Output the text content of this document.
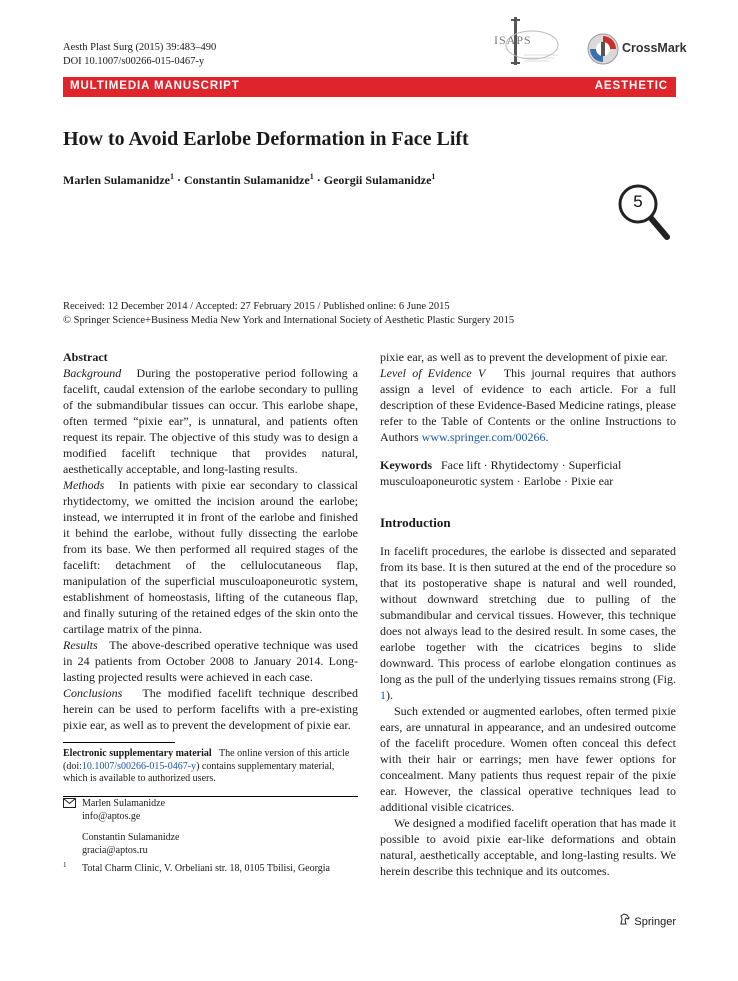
Aesth Plast Surg (2015) 39:483–490
DOI 10.1007/s00266-015-0467-y
ISAPS
CrossMark
MULTIMEDIA MANUSCRIPT	AESTHETIC
How to Avoid Earlobe Deformation in Face Lift
Marlen Sulamanidze$^1$ · Constantin Sulamanidze$^1$ · Georgii Sulamanidze$^1$
5
Received: 12 December 2014 / Accepted: 27 February 2015 / Published online: 6 June 2015
© Springer Science+Business Media New York and International Society of Aesthetic Plastic Surgery 2015

Abstract

Background During the postoperative period following a facelift, caudal extension of the earlobe secondary to pulling of the submandibular tissues can occur. This earlobe shape, often termed “pixie ear”, is unnatural, and patients often request its repair. The objective of this study was to design a modified facelift technique that provides natural, aesthetically acceptable, and long-lasting results.

Methods In patients with pixie ear secondary to classical rhytidectomy, we omitted the incision around the earlobe; instead, we interrupted it in front of the earlobe and finished it behind the earlobe, without fully dissecting the earlobe from its base. We then performed all required stages of the facelift: detachment of the cellulocutaneous flap, manipulation of the superficial musculoaponeurotic system, establishment of homeostasis, lifting of the cutaneous flap, and finally suturing of the retained edges of the skin onto the cartilage matrix of the pinna.

Results The above-described operative technique was used in 24 patients from October 2008 to January 2014. Long-lasting projected results were achieved in each case.

Conclusions The modified facelift technique described herein can be used to perform facelifts with a pre-existing pixie ear, as well as to prevent the development of pixie ear.

Electronic supplementary material The online version of this article (doi:10.1007/s00266-015-0467-y) contains supplementary material, which is available to authorized users.
Marlen Sulamanidze
info@aptos.ge
Constantin Sulamanidze
gracia@aptos.ru
1 Total Charm Clinic, V. Orbeliani str. 18, 0105 Tbilisi, Georgia

pixie ear, as well as to prevent the development of pixie ear.

Level of Evidence V This journal requires that authors assign a level of evidence to each article. For a full description of these Evidence-Based Medicine ratings, please refer to the Table of Contents or the online Instructions to Authors www.springer.com/00266.

Keywords Face lift · Rhytidectomy · Superficial musculoaponeurotic system · Earlobe · Pixie ear

Introduction

In facelift procedures, the earlobe is dissected and separated from its base. It is then sutured at the end of the procedure so that its postoperative shape is natural and well rounded, without downward stretching due to pulling of the submandibular and cervical tissues. However, this technique does not always lead to the desired result. In some cases, the earlobe together with the cicatrices begins to slide downward. This process of earlobe elongation continues as long as the pull of the underlying tissues remains strong (Fig. 1).

Such extended or augmented earlobes, often termed pixie ears, are unnatural in appearance, and an undesired outcome of the facelift procedure. Women often conceal this defect with their hair or earrings; men have fewer options for concealment. Many patients thus request repair of the pixie ear. However, the classical operative techniques lead to additional visible cicatrices.

We designed a modified facelift operation that has made it possible to avoid pixie ear-like deformations and obtain natural, aesthetically acceptable, and long-lasting results. We herein describe this technique and its outcomes.

Springer
